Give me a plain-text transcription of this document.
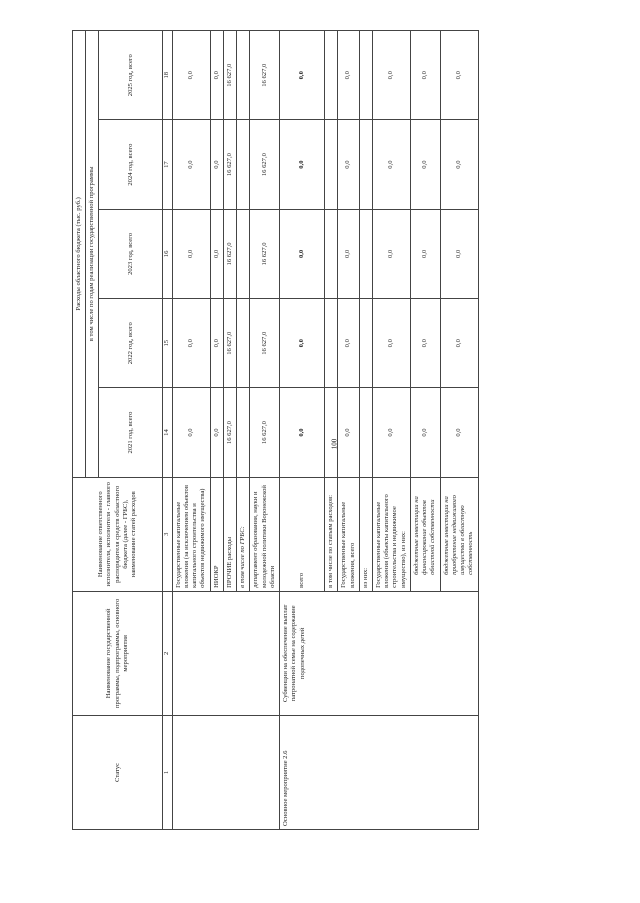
100
Статус	Наименование государственной программы, подпрограммы, основного мероприятия	Наименование ответственного исполнителя, исполнителя - главного распорядителя средств областного бюджета (далее - ГРБС), наименование статей расходов	Расходы областного бюджета (тыс. руб.)				
			в том числе по годам реализации государственной программы				
			2021 год, всего	2022 год, всего	2023 год, всего	2024 год, всего	2025 год, всего
1	2	3	14	15	16	17	18
		Государственные капитальные вложения (за исключением объектов капитального строительства и объектов недвижимого имущества)	0,0	0,0	0,0	0,0	0,0
		НИОКР	0,0	0,0	0,0	0,0	0,0
		ПРОЧИЕ расходы	16 627,0	16 627,0	16 627,0	16 627,0	16 627,0
		в том числе по ГРБС:					
		департамент образования, науки и молодежной политики Воронежской области	16 627,0	16 627,0	16 627,0	16 627,0	16 627,0
Основное мероприятие 2.6	Субвенции на обеспечение выплат патронатной семье на содержание подопечных детей	всего	0,0	0,0	0,0	0,0	0,0
		в том числе по статьям расходов:					
		Государственные капитальные вложения, всего	0,0	0,0	0,0	0,0	0,0
		из них:					
		Государственные капитальные вложения (объекты капитального строительства и недвижимое имущество), из них:	0,0	0,0	0,0	0,0	0,0
		бюджетные инвестиции на финансирование объектов областной собственности	0,0	0,0	0,0	0,0	0,0
		бюджетные инвестиции на приобретение недвижимого имущества в областную собственность	0,0	0,0	0,0	0,0	0,0
